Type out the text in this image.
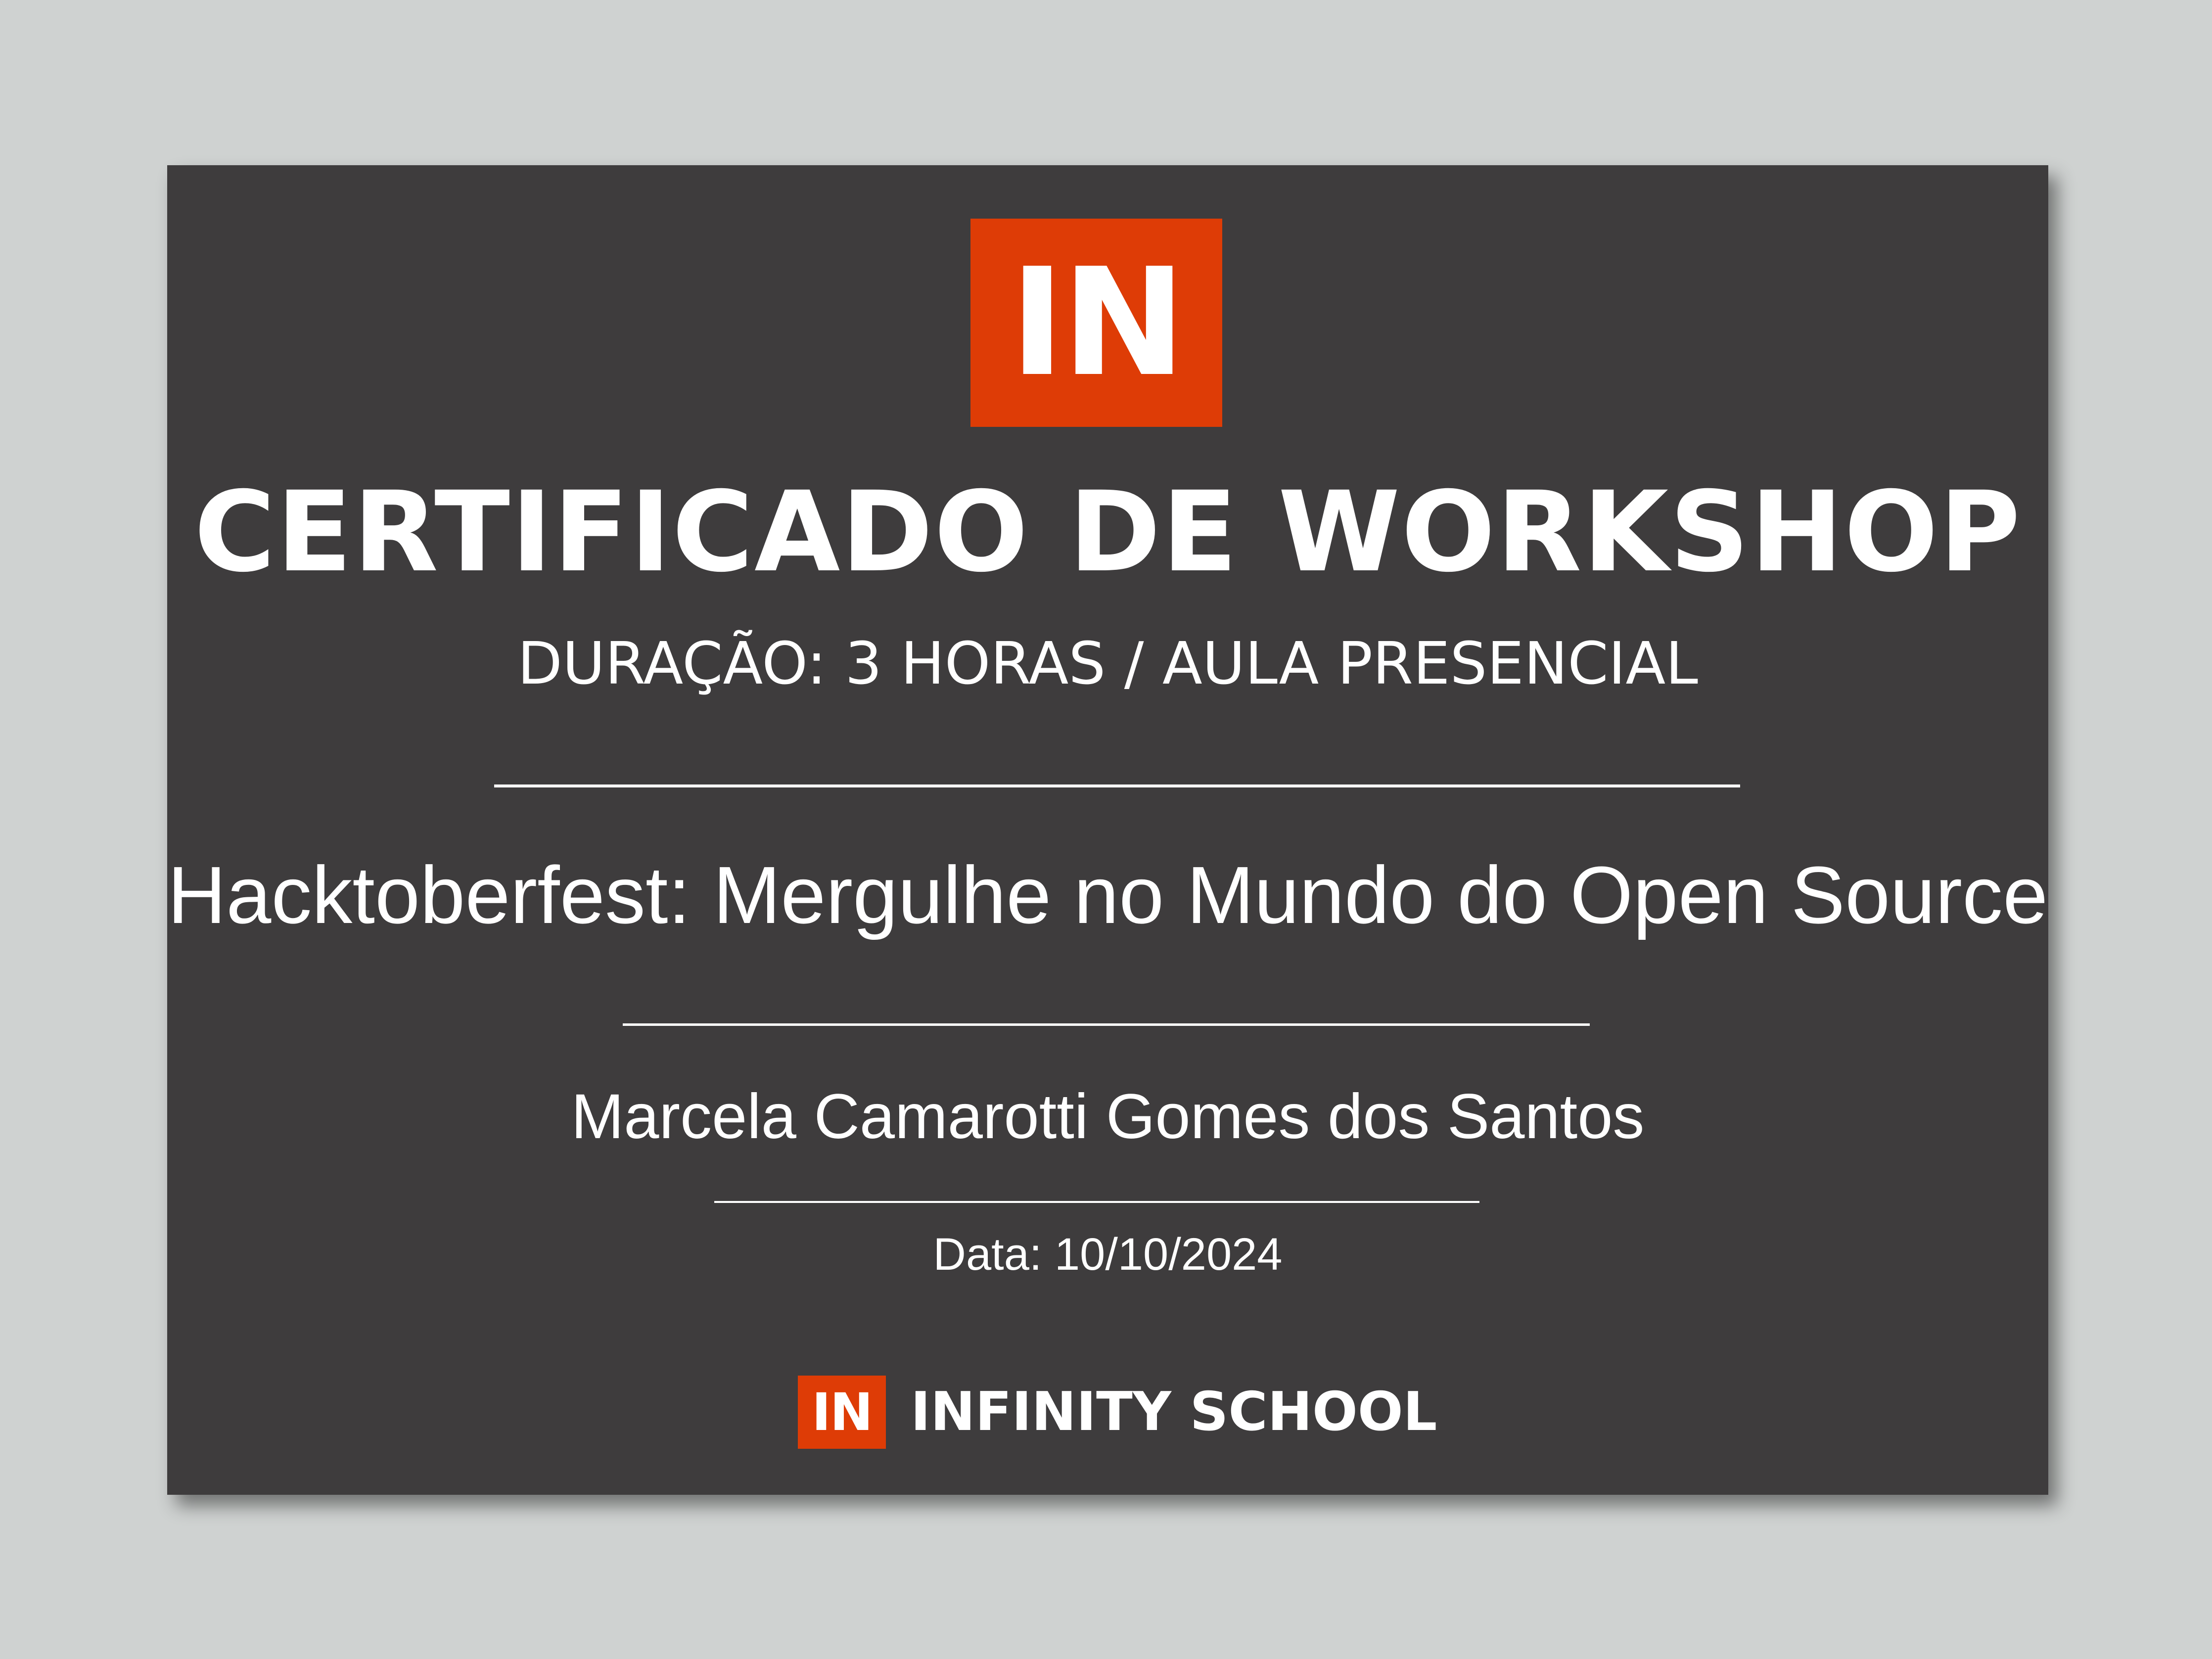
IN
CERTIFICADO DE WORKSHOP
DURAÇÃO: 3 HORAS / AULA PRESENCIAL
Hacktoberfest: Mergulhe no Mundo do Open Source
Marcela Camarotti Gomes dos Santos
Data: 10/10/2024
IN INFINITY SCHOOL
